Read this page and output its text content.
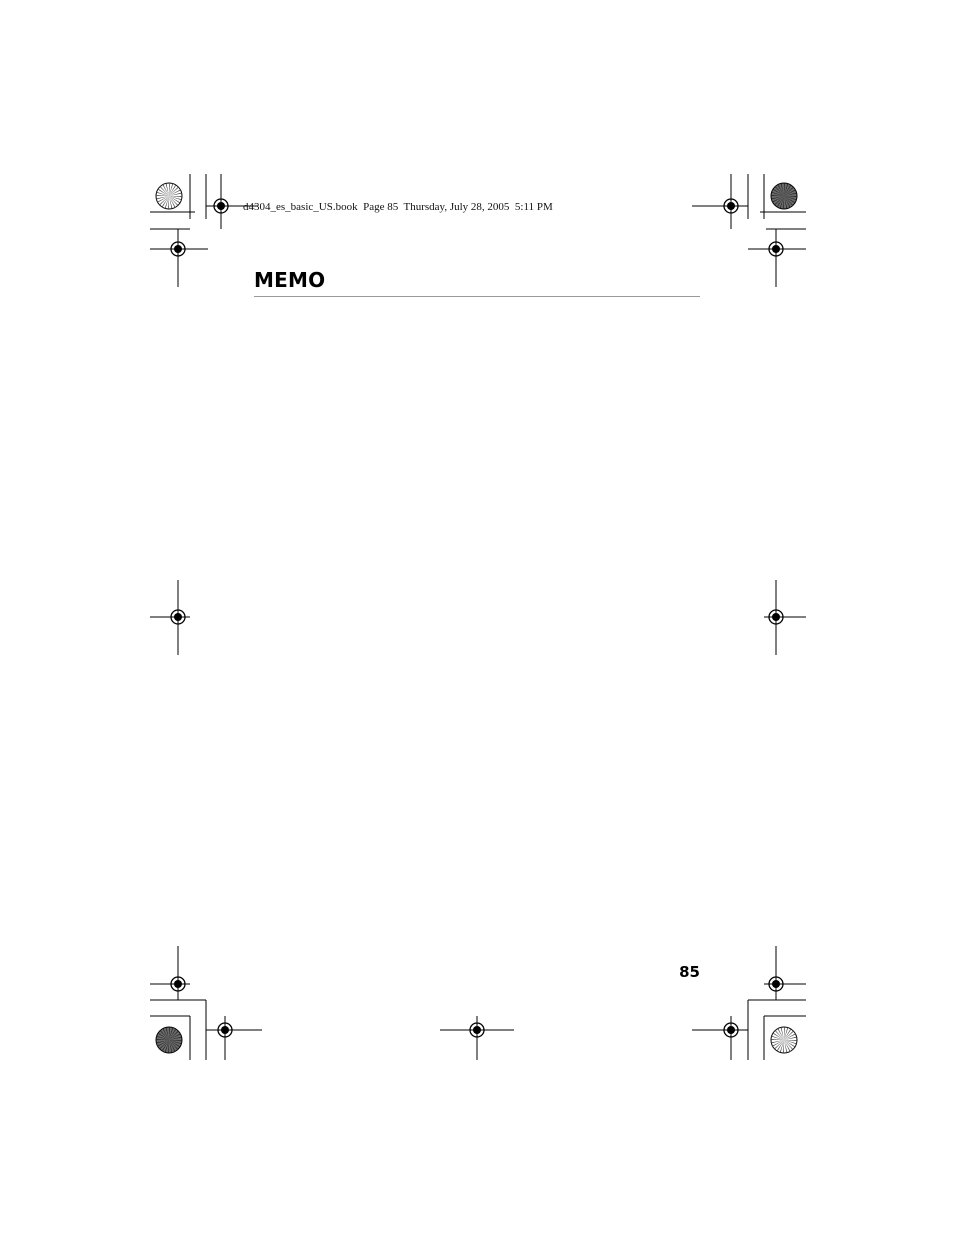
d4304_es_basic_US.book  Page 85  Thursday, July 28, 2005  5:11 PM
MEMO
85
